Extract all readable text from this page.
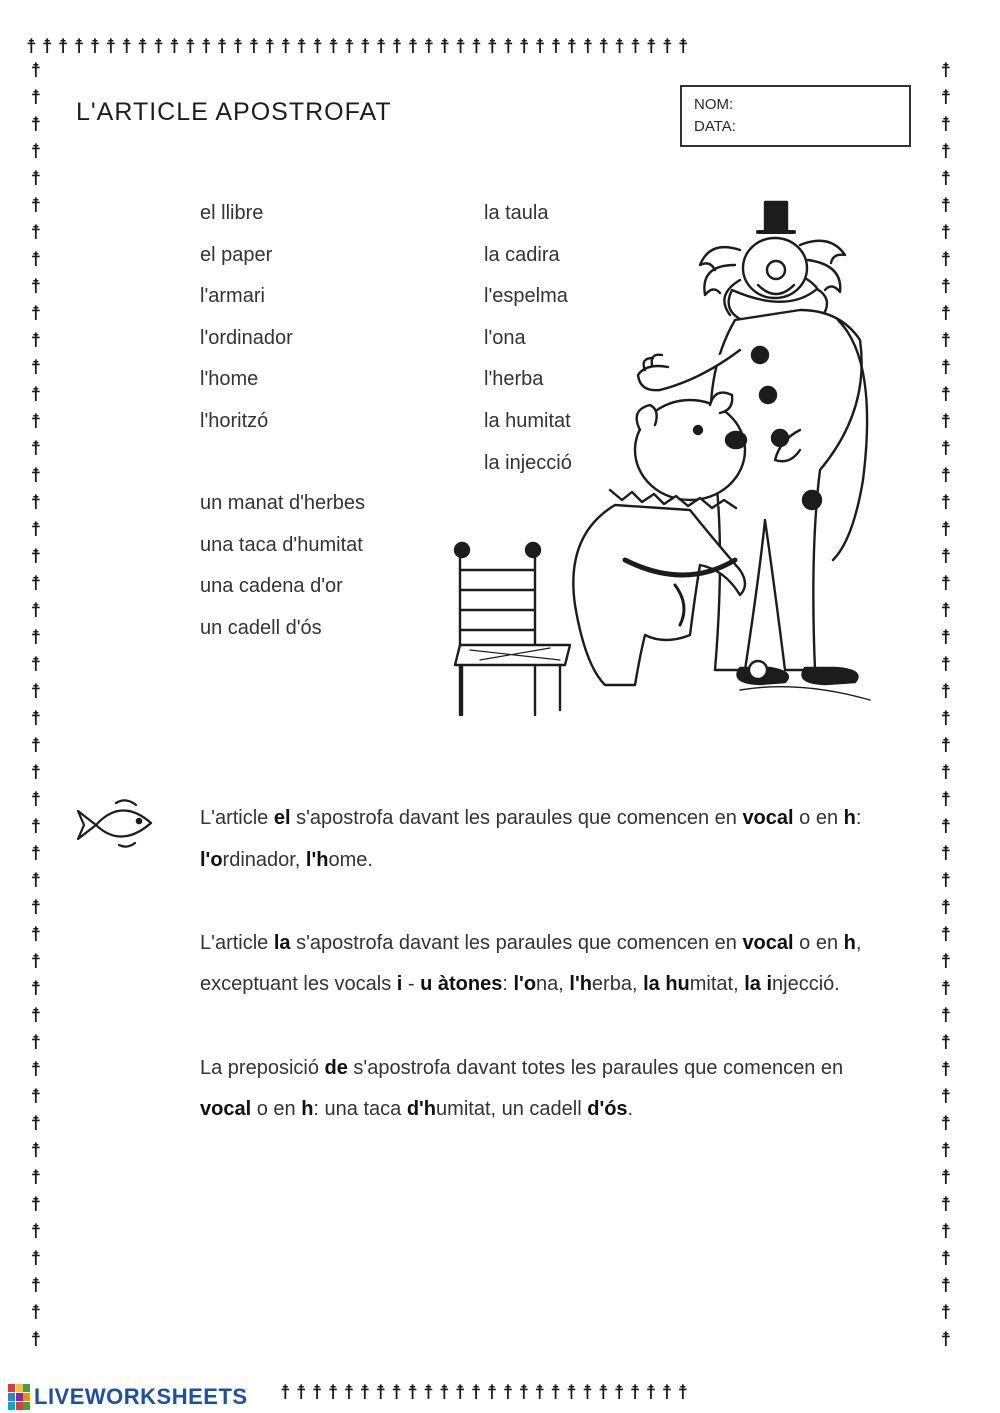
☨☨☨☨☨☨☨☨☨☨☨☨☨☨☨☨☨☨☨☨☨☨☨☨☨☨☨☨☨☨☨☨☨☨☨☨☨☨☨☨☨☨
☨
☨
☨
☨
☨
☨
☨
☨
☨
☨
☨
☨
☨
☨
☨
☨
☨
☨
☨
☨
☨
☨
☨
☨
☨
☨
☨
☨
☨
☨
☨
☨
☨
☨
☨
☨
☨
☨
☨
☨
☨
☨
☨
☨
☨
☨
☨
☨
☨
☨
☨
☨
☨
☨
☨
☨
☨
☨
☨
☨
☨
☨
☨
☨
☨
☨
☨
☨
☨
☨
☨
☨
☨
☨
☨
☨
☨
☨
☨
☨
☨
☨
☨
☨
☨
☨
☨
☨
☨
☨
☨
☨
☨
☨
☨
☨
☨☨☨☨☨☨☨☨☨☨☨☨☨☨☨☨☨☨☨☨☨☨☨☨☨☨
L'ARTICLE APOSTROFAT	NOM:
DATA:
el llibre
el paper
l'armari
l'ordinador
l'home
l'horitzó
la taula
la cadira
l'espelma
l'ona
l'herba
la humitat
la injecció
un manat d'herbes
una taca d'humitat
una cadena d'or
un cadell d'ós
L'article el s'apostrofa davant les paraules que comencen en vocal o en h: l'ordinador, l'home.
L'article la s'apostrofa davant les paraules que comencen en vocal o en h, exceptuant les vocals i - u àtones: l'ona, l'herba, la humitat, la injecció.
La preposició de s'apostrofa davant totes les paraules que comencen en vocal o en h: una taca d'humitat, un cadell d'ós.
LIVEWORKSHEETS
